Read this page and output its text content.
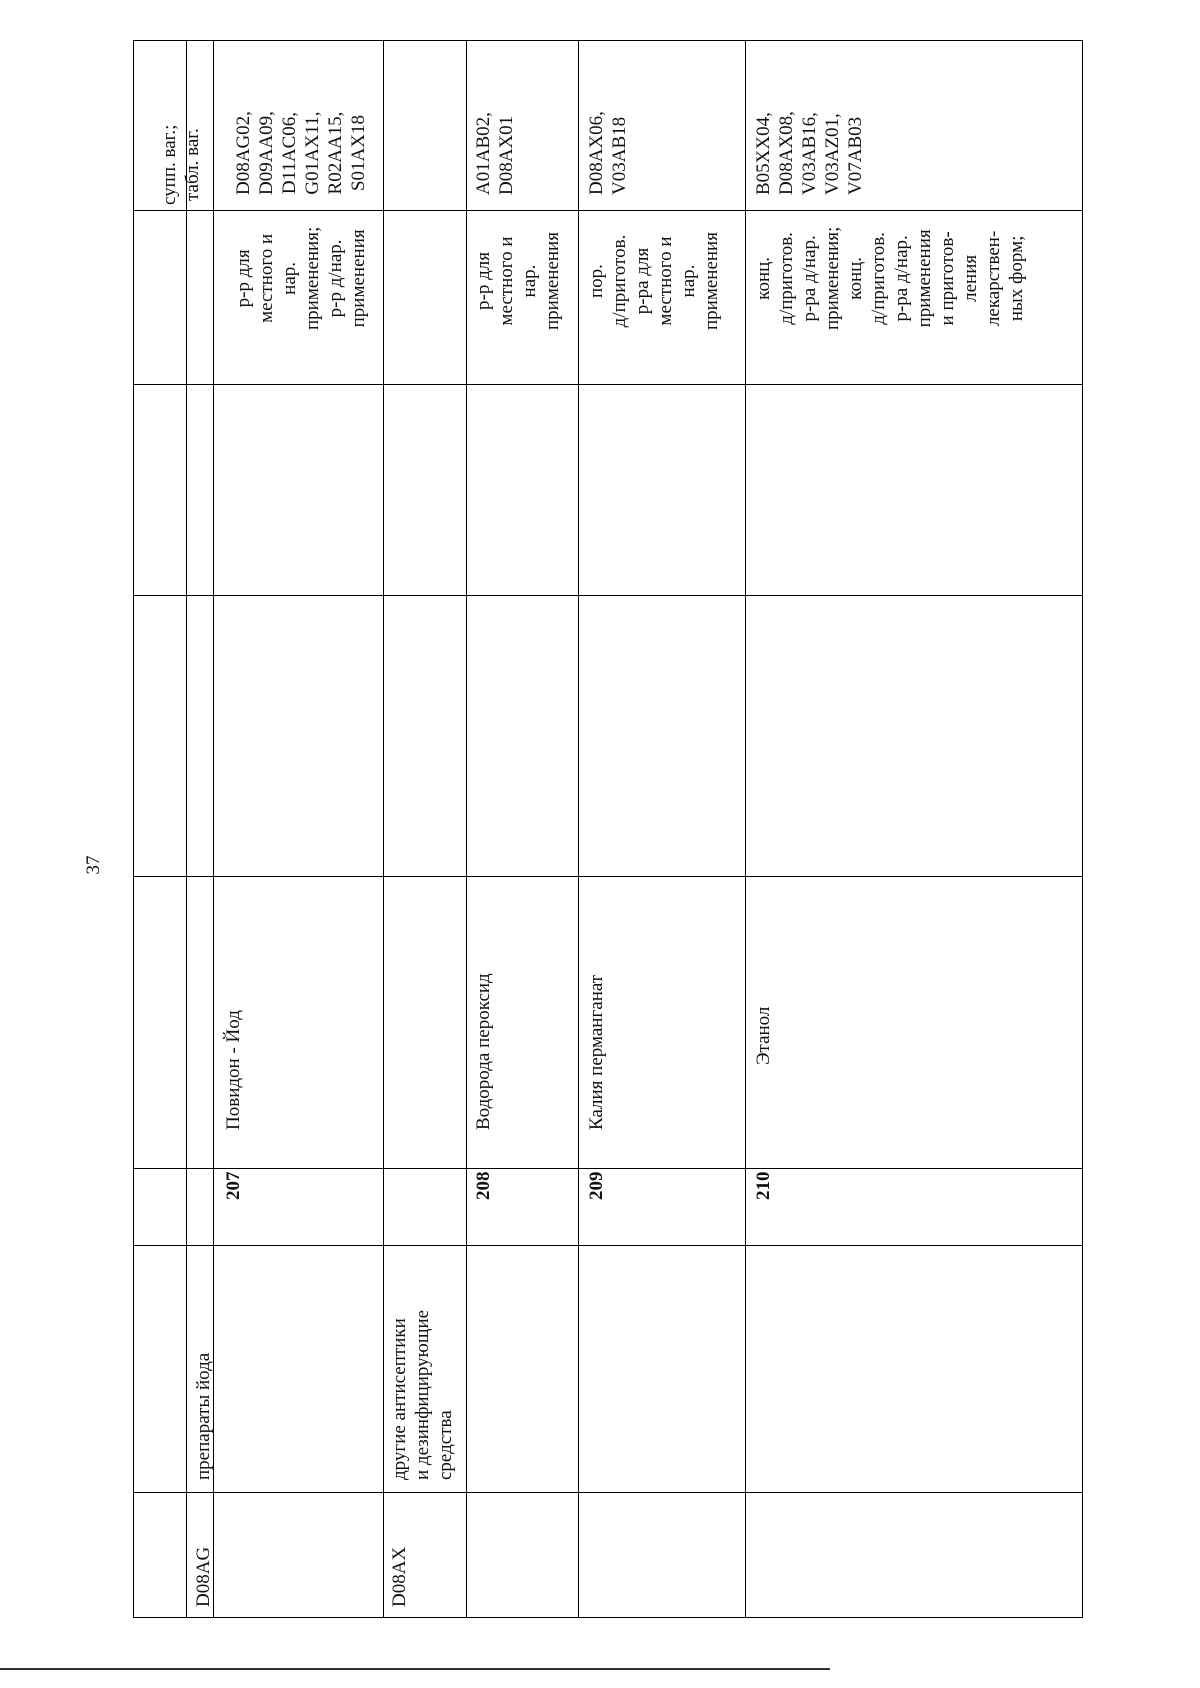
37
супп. ваг.; табл. ваг.
D08AG
препараты йода
207
Повидон - Йод
р-р для местного и нар. применения; р-р д/нар. применения
D08AG02, D09AA09, D11AC06, G01AX11, R02AA15, S01AX18
D08AX
другие антисептики и дезинфицирующие средства
208
Водорода пероксид
р-р для местного и нар. применения
A01AB02, D08AX01
209
Калия перманганат
пор. д/приготов. р-ра для местного и нар. применения
D08AX06, V03AB18
210
Этанол
конц. д/приготов. р-ра д/нар. применения; конц. д/приготов. р-ра д/нар. применения и приготов- ления лекарствен- ных форм;
B05XX04, D08AX08, V03AB16, V03AZ01, V07AB03
